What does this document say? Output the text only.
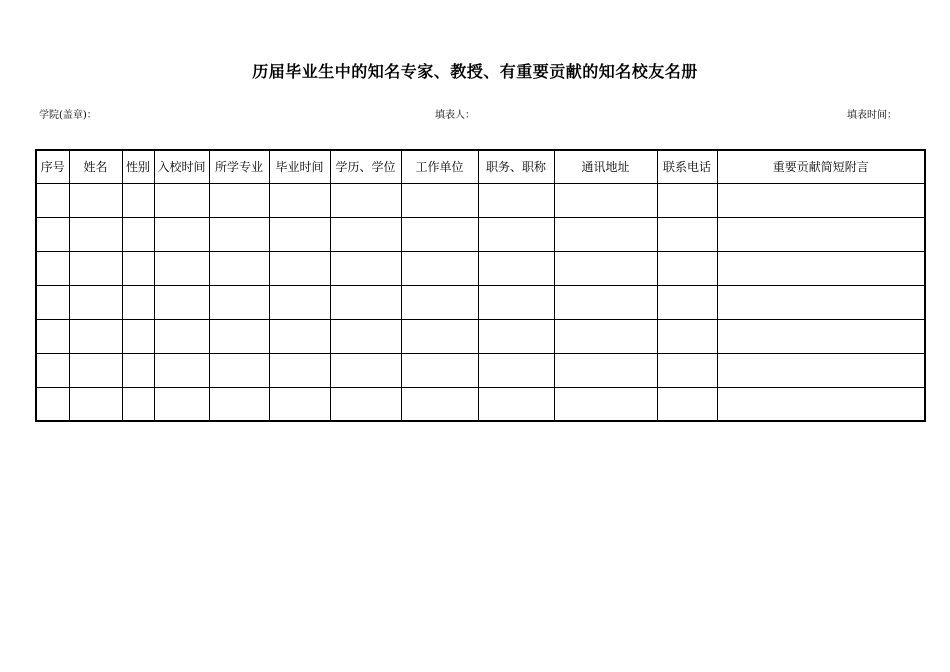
历届毕业生中的知名专家、教授、有重要贡献的知名校友名册
学院(盖章)：	填表人：	填表时间：
序号	姓名	性别	入校时间	所学专业	毕业时间	学历、学位	工作单位	职务、职称	通讯地址	联系电话	重要贡献简短附言
